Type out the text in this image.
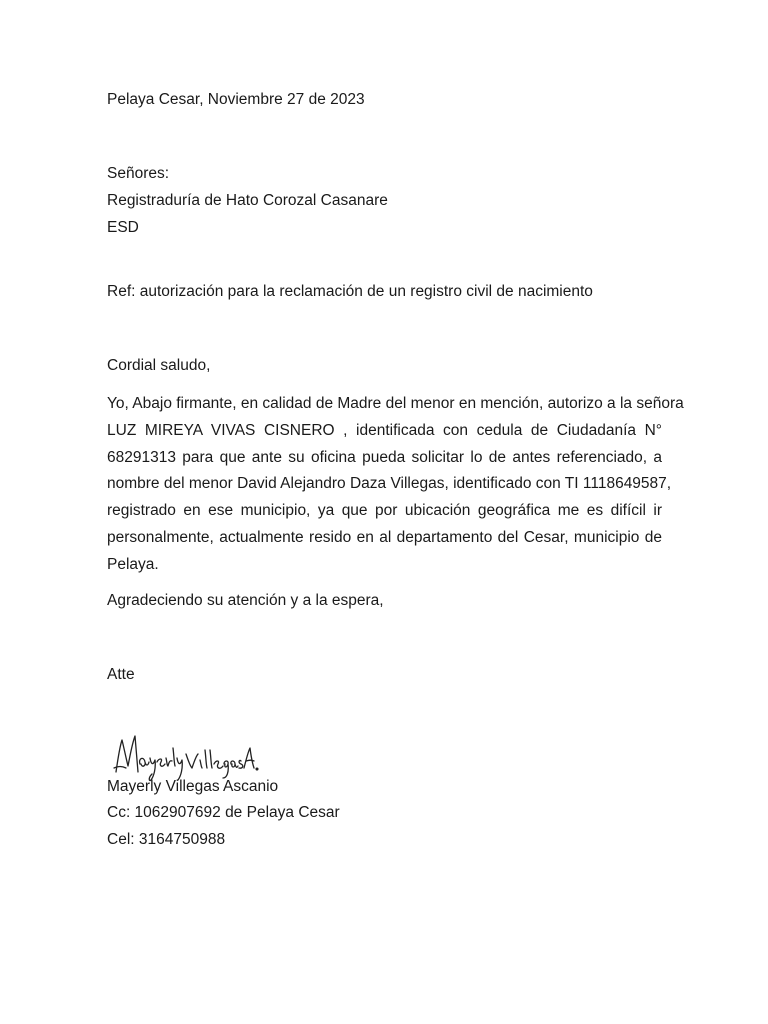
Pelaya Cesar, Noviembre 27 de 2023
Señores:
Registraduría de Hato Corozal Casanare
ESD
Ref: autorización para la reclamación de un registro civil de nacimiento
Cordial saludo,
Yo, Abajo firmante, en calidad de Madre del menor en mención, autorizo a la señora
LUZ MIREYA VIVAS CISNERO , identificada con cedula de Ciudadanía N°
68291313 para que ante su oficina pueda solicitar lo de antes referenciado, a
nombre del menor David Alejandro Daza Villegas, identificado con TI 1118649587,
registrado en ese municipio, ya que por ubicación geográfica me es difícil ir
personalmente, actualmente resido en al departamento del Cesar, municipio de
Pelaya.
Agradeciendo su atención y a la espera,
Atte
Mayerly Villegas Ascanio
Cc: 1062907692 de Pelaya Cesar
Cel: 3164750988
